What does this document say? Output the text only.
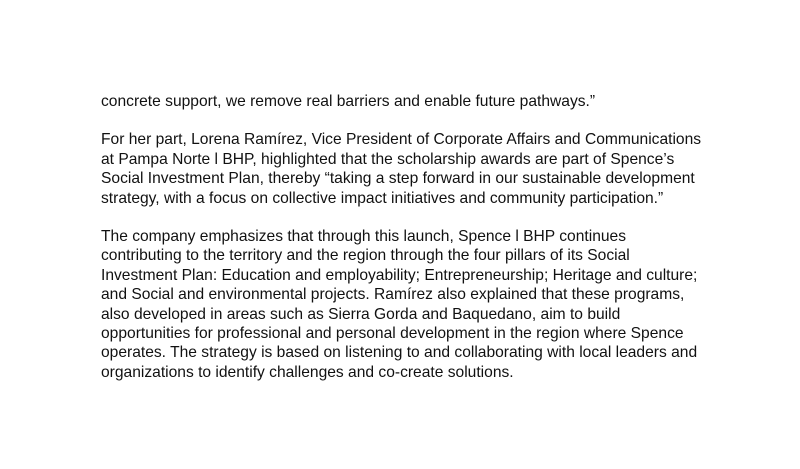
concrete support, we remove real barriers and enable future pathways.”

For her part, Lorena Ramírez, Vice President of Corporate Affairs and Communications
at Pampa Norte l BHP, highlighted that the scholarship awards are part of Spence’s
Social Investment Plan, thereby “taking a step forward in our sustainable development
strategy, with a focus on collective impact initiatives and community participation.”

The company emphasizes that through this launch, Spence l BHP continues
contributing to the territory and the region through the four pillars of its Social
Investment Plan: Education and employability; Entrepreneurship; Heritage and culture;
and Social and environmental projects. Ramírez also explained that these programs,
also developed in areas such as Sierra Gorda and Baquedano, aim to build
opportunities for professional and personal development in the region where Spence
operates. The strategy is based on listening to and collaborating with local leaders and
organizations to identify challenges and co-create solutions.
